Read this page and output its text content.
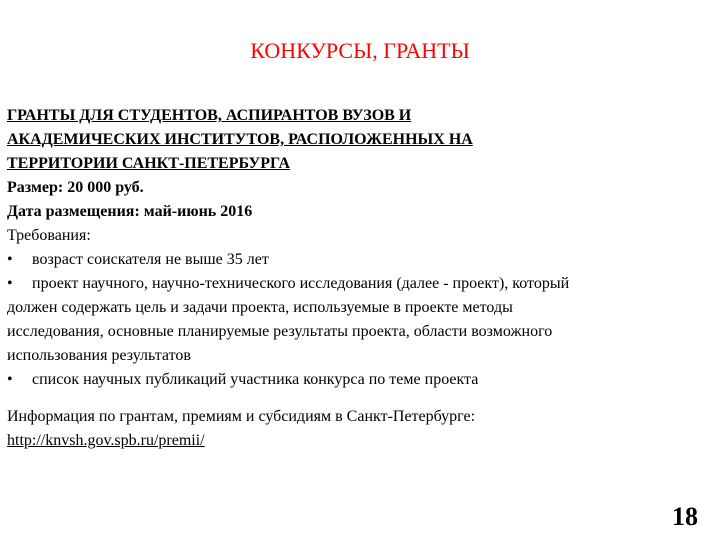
КОНКУРСЫ, ГРАНТЫ
ГРАНТЫ ДЛЯ СТУДЕНТОВ, АСПИРАНТОВ ВУЗОВ И
АКАДЕМИЧЕСКИХ ИНСТИТУТОВ, РАСПОЛОЖЕННЫХ НА
ТЕРРИТОРИИ САНКТ-ПЕТЕРБУРГА
Размер: 20 000 руб.
Дата размещения: май-июнь 2016
Требования:
• возраст соискателя не выше 35 лет
• проект научного, научно-технического исследования (далее - проект), который
должен содержать цель и задачи проекта, используемые в проекте методы
исследования, основные планируемые результаты проекта, области возможного
использования результатов
• список научных публикаций участника конкурса по теме проекта
Информация по грантам, премиям и субсидиям в Санкт-Петербурге:
http://knvsh.gov.spb.ru/premii/
18
